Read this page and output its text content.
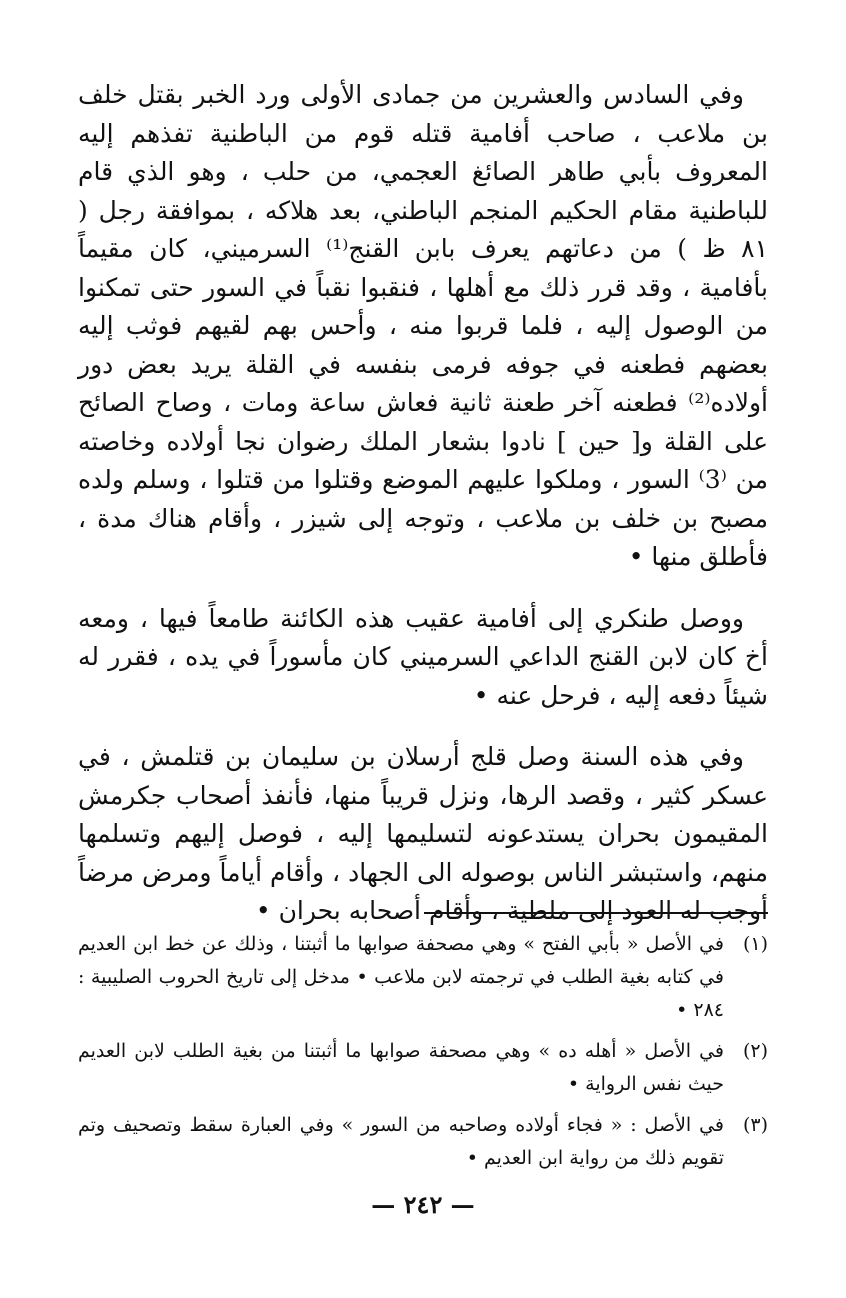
وفي السادس والعشرين من جمادى الأولى ورد الخبر بقتل خلف بن ملاعب ، صاحب أفامية قتله قوم من الباطنية تفذهم إليه المعروف بأبي طاهر الصائغ العجمي، من حلب ، وهو الذي قام للباطنية مقام الحكيم المنجم الباطني، بعد هلاكه ، بموافقة رجل ( ٨١ ظ ) من دعاتهم يعرف بابن القنج⁽¹⁾ السرميني، كان مقيماً بأفامية ، وقد قرر ذلك مع أهلها ، فنقبوا نقباً في السور حتى تمكنوا من الوصول إليه ، فلما قربوا منه ، وأحس بهم لقيهم فوثب إليه بعضهم فطعنه في جوفه فرمى بنفسه في القلة يريد بعض دور أولاده⁽²⁾ فطعنه آخر طعنة ثانية فعاش ساعة ومات ، وصاح الصائح على القلة و[ حين ] نادوا بشعار الملك رضوان نجا أولاده وخاصته من ⁽3⁾ السور ، وملكوا عليهم الموضع وقتلوا من قتلوا ، وسلم ولده مصبح بن خلف بن ملاعب ، وتوجه إلى شيزر ، وأقام هناك مدة ، فأطلق منها •

ووصل طنكري إلى أفامية عقيب هذه الكائنة طامعاً فيها ، ومعه أخ كان لابن القنج الداعي السرميني كان مأسوراً في يده ، فقرر له شيئاً دفعه إليه ، فرحل عنه •

وفي هذه السنة وصل قلج أرسلان بن سليمان بن قتلمش ، في عسكر كثير ، وقصد الرها، ونزل قريباً منها، فأنفذ أصحاب جكرمش المقيمون بحران يستدعونه لتسليمها إليه ، فوصل إليهم وتسلمها منهم، واستبشر الناس بوصوله الى الجهاد ، وأقام أياماً ومرض مرضاً أوجب له العود إلى ملطية ، وأقام أصحابه بحران •

(١)
في الأصل « بأبي الفتح » وهي مصحفة صوابها ما أثبتنا ، وذلك عن خط ابن العديم في كتابه بغية الطلب في ترجمته لابن ملاعب • مدخل إلى تاريخ الحروب الصليبية : ٢٨٤ •
(٢)
في الأصل « أهله ده » وهي مصحفة صوابها ما أثبتنا من بغية الطلب لابن العديم حيث نفس الرواية •
(٣)
في الأصل : « فجاء أولاده وصاحبه من السور » وفي العبارة سقط وتصحيف وتم تقويم ذلك من رواية ابن العديم •
— ٢٤٢ —
